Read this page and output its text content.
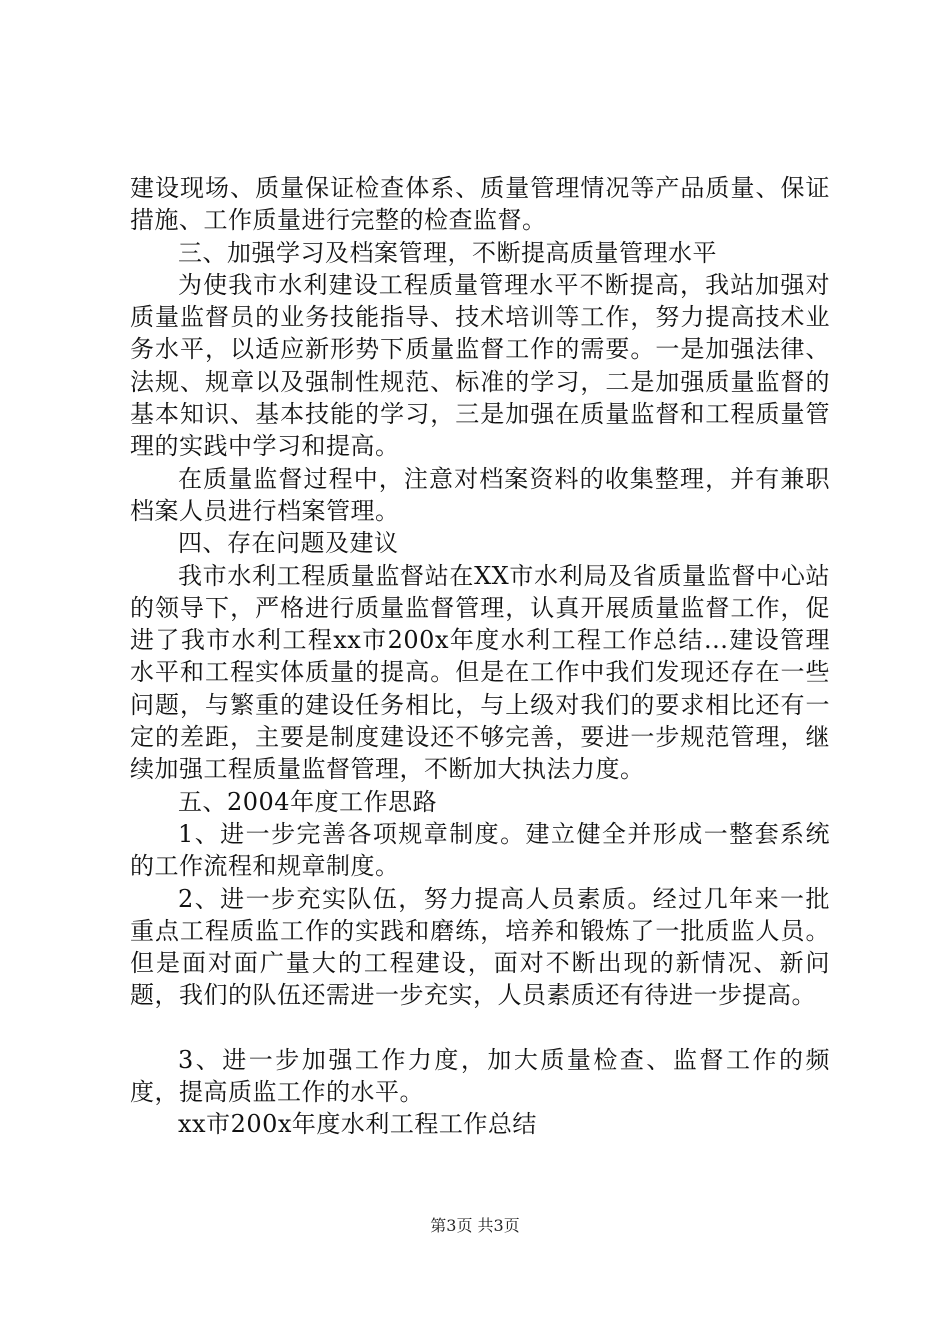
建设现场、质量保证检查体系、质量管理情况等产品质量、保证措施、工作质量进行完整的检查监督。

三、加强学习及档案管理，不断提高质量管理水平

为使我市水利建设工程质量管理水平不断提高，我站加强对质量监督员的业务技能指导、技术培训等工作，努力提高技术业务水平，以适应新形势下质量监督工作的需要。一是加强法律、法规、规章以及强制性规范、标准的学习，二是加强质量监督的基本知识、基本技能的学习，三是加强在质量监督和工程质量管理的实践中学习和提高。

在质量监督过程中，注意对档案资料的收集整理，并有兼职档案人员进行档案管理。

四、存在问题及建议

我市水利工程质量监督站在XX市水利局及省质量监督中心站的领导下，严格进行质量监督管理，认真开展质量监督工作，促进了我市水利工程xx市200x年度水利工程工作总结...建设管理水平和工程实体质量的提高。但是在工作中我们发现还存在一些问题，与繁重的建设任务相比，与上级对我们的要求相比还有一定的差距，主要是制度建设还不够完善，要进一步规范管理，继续加强工程质量监督管理，不断加大执法力度。

五、2004年度工作思路

1、进一步完善各项规章制度。建立健全并形成一整套系统的工作流程和规章制度。

2、进一步充实队伍，努力提高人员素质。经过几年来一批重点工程质监工作的实践和磨练，培养和锻炼了一批质监人员。但是面对面广量大的工程建设，面对不断出现的新情况、新问题，我们的队伍还需进一步充实，人员素质还有待进一步提高。

3、进一步加强工作力度，加大质量检查、监督工作的频度，提高质监工作的水平。

xx市200x年度水利工程工作总结

第3页 共3页
